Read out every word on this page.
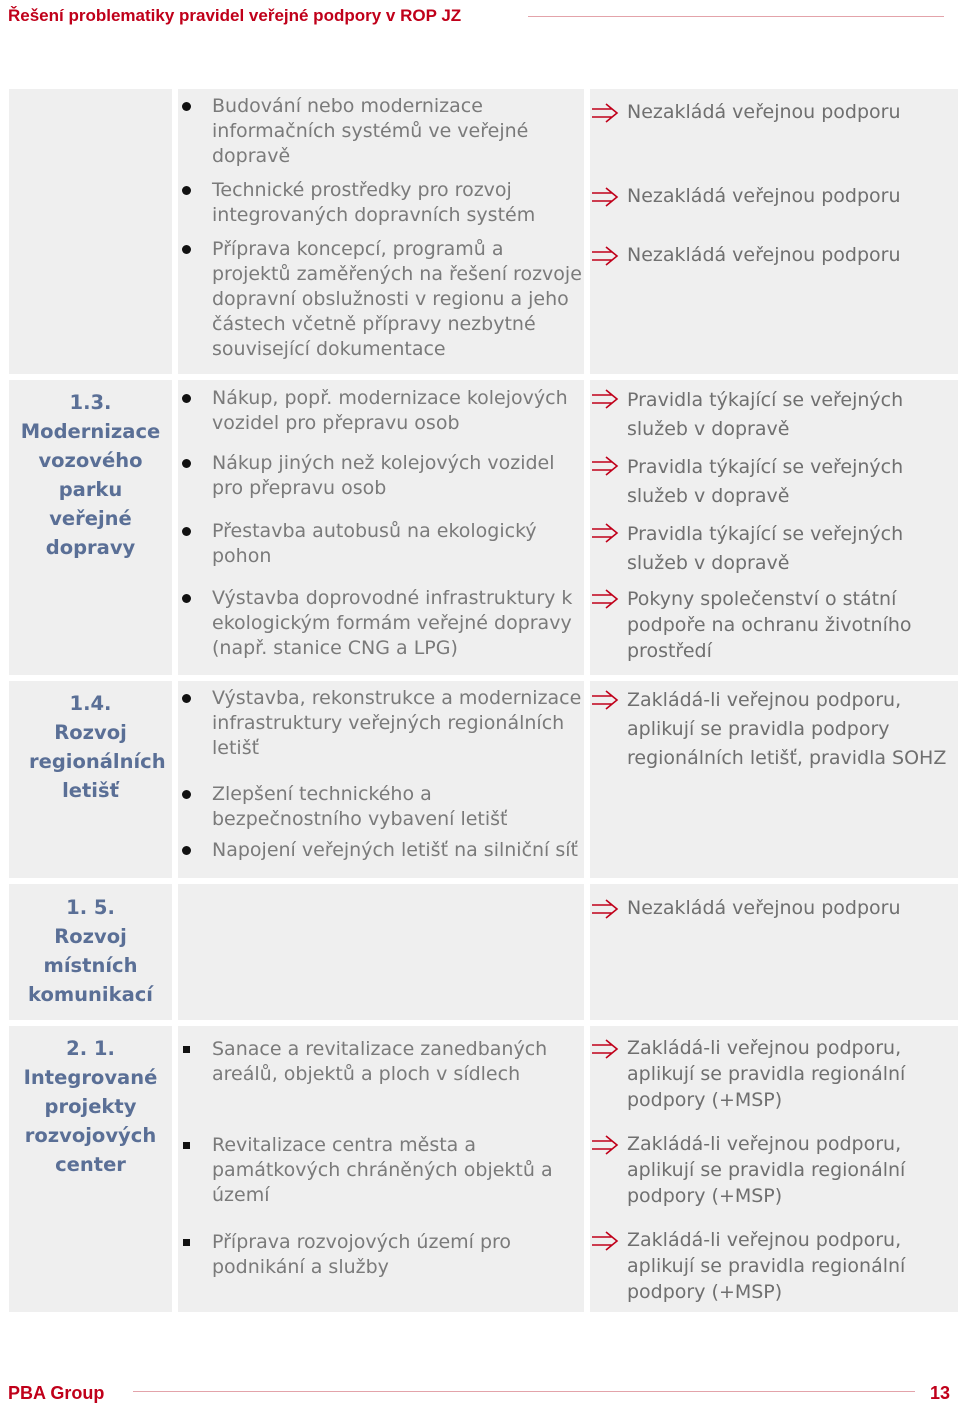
Řešení problematiky pravidel veřejné podpory v ROP JZ
Budování nebo modernizace informačních systémů ve veřejné dopravě
Technické prostředky pro rozvoj integrovaných dopravních systém
Příprava koncepcí, programů a projektů zaměřených na řešení rozvoje dopravní obslužnosti v regionu a jeho částech včetně přípravy nezbytné související dokumentace
Nezakládá veřejnou podporu
Nezakládá veřejnou podporu
Nezakládá veřejnou podporu
1.3.
Modernizace vozového parku veřejné dopravy
Nákup, popř. modernizace kolejových vozidel pro přepravu osob
Nákup jiných než kolejových vozidel pro přepravu osob
Přestavba autobusů na ekologický pohon
Výstavba doprovodné infrastruktury k ekologickým formám veřejné dopravy (např. stanice CNG a LPG)
Pravidla týkající se veřejných služeb v dopravě
Pravidla týkající se veřejných služeb v dopravě
Pravidla týkající se veřejných služeb v dopravě
Pokyny společenství o státní podpoře na ochranu životního prostředí
1.4.
Rozvoj regionálních letišť
Výstavba, rekonstrukce a modernizace infrastruktury veřejných regionálních letišť
Zlepšení technického a bezpečnostního vybavení letišť
Napojení veřejných letišť na silniční síť
Zakládá-li veřejnou podporu, aplikují se pravidla podpory regionálních letišť, pravidla SOHZ
1. 5.
Rozvoj místních komunikací
Nezakládá veřejnou podporu
2. 1.
Integrované projekty rozvojových center
Sanace a revitalizace zanedbaných areálů, objektů a ploch v sídlech
Revitalizace centra města a památkových chráněných objektů a území
Příprava rozvojových území pro podnikání a služby
Zakládá-li veřejnou podporu, aplikují se pravidla regionální podpory (+MSP)
Zakládá-li veřejnou podporu, aplikují se pravidla regionální podpory (+MSP)
Zakládá-li veřejnou podporu, aplikují se pravidla regionální podpory (+MSP)
PBA Group	13
